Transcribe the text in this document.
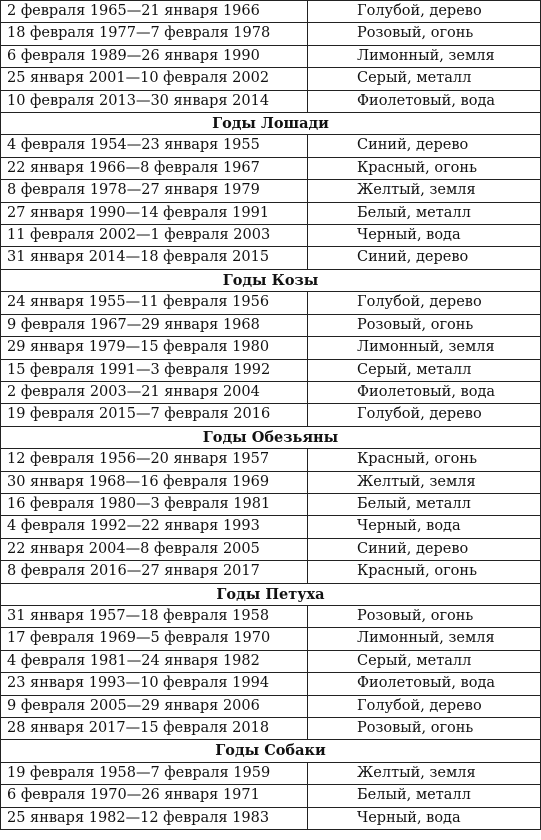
2 февраля 1965—21 января 1966	Голубой, дерево
18 февраля 1977—7 февраля 1978	Розовый, огонь
6 февраля 1989—26 января 1990	Лимонный, земля
25 января 2001—10 февраля 2002	Серый, металл
10 февраля 2013—30 января 2014	Фиолетовый, вода
Годы Лошади	
4 февраля 1954—23 января 1955	Синий, дерево
22 января 1966—8 февраля 1967	Красный, огонь
8 февраля 1978—27 января 1979	Желтый, земля
27 января 1990—14 февраля 1991	Белый, металл
11 февраля 2002—1 февраля 2003	Черный, вода
31 января 2014—18 февраля 2015	Синий, дерево
Годы Козы	
24 января 1955—11 февраля 1956	Голубой, дерево
9 февраля 1967—29 января 1968	Розовый, огонь
29 января 1979—15 февраля 1980	Лимонный, земля
15 февраля 1991—3 февраля 1992	Серый, металл
2 февраля 2003—21 января 2004	Фиолетовый, вода
19 февраля 2015—7 февраля 2016	Голубой, дерево
Годы Обезьяны	
12 февраля 1956—20 января 1957	Красный, огонь
30 января 1968—16 февраля 1969	Желтый, земля
16 февраля 1980—3 февраля 1981	Белый, металл
4 февраля 1992—22 января 1993	Черный, вода
22 января 2004—8 февраля 2005	Синий, дерево
8 февраля 2016—27 января 2017	Красный, огонь
Годы Петуха	
31 января 1957—18 февраля 1958	Розовый, огонь
17 февраля 1969—5 февраля 1970	Лимонный, земля
4 февраля 1981—24 января 1982	Серый, металл
23 января 1993—10 февраля 1994	Фиолетовый, вода
9 февраля 2005—29 января 2006	Голубой, дерево
28 января 2017—15 февраля 2018	Розовый, огонь
Годы Собаки	
19 февраля 1958—7 февраля 1959	Желтый, земля
6 февраля 1970—26 января 1971	Белый, металл
25 января 1982—12 февраля 1983	Черный, вода
